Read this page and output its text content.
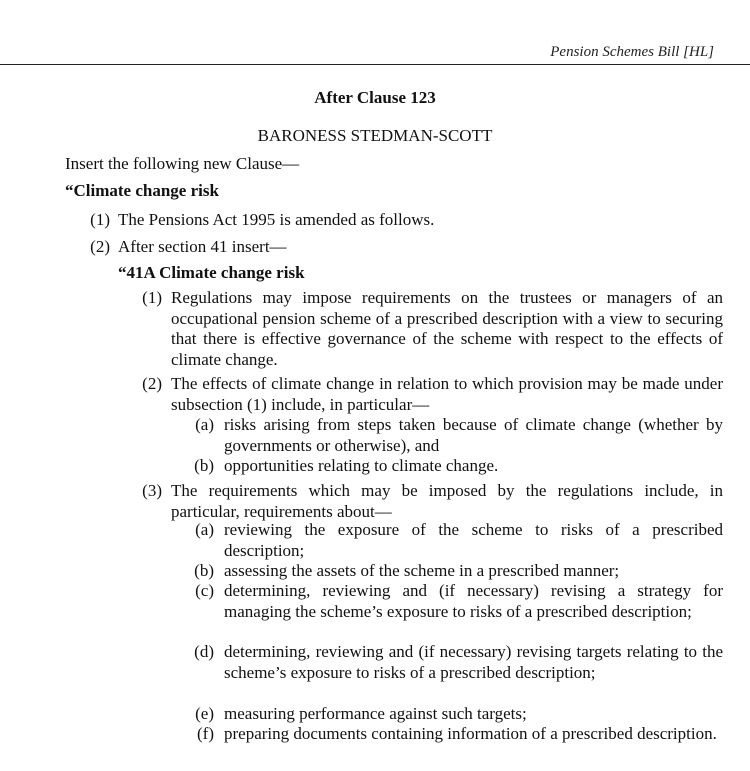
Pension Schemes Bill [HL]
After Clause 123
BARONESS STEDMAN-SCOTT
Insert the following new Clause—
“Climate change risk
(1) The Pensions Act 1995 is amended as follows.
(2) After section 41 insert—
“41A Climate change risk
(1) Regulations may impose requirements on the trustees or managers of an occupational pension scheme of a prescribed description with a view to securing that there is effective governance of the scheme with respect to the effects of climate change.
(2) The effects of climate change in relation to which provision may be made under subsection (1) include, in particular—
(a) risks arising from steps taken because of climate change (whether by governments or otherwise), and
(b) opportunities relating to climate change.
(3) The requirements which may be imposed by the regulations include, in particular, requirements about—
(a) reviewing the exposure of the scheme to risks of a prescribed description;
(b) assessing the assets of the scheme in a prescribed manner;
(c) determining, reviewing and (if necessary) revising a strategy for managing the scheme’s exposure to risks of a prescribed description;
(d) determining, reviewing and (if necessary) revising targets relating to the scheme’s exposure to risks of a prescribed description;
(e) measuring performance against such targets;
(f) preparing documents containing information of a prescribed description.
